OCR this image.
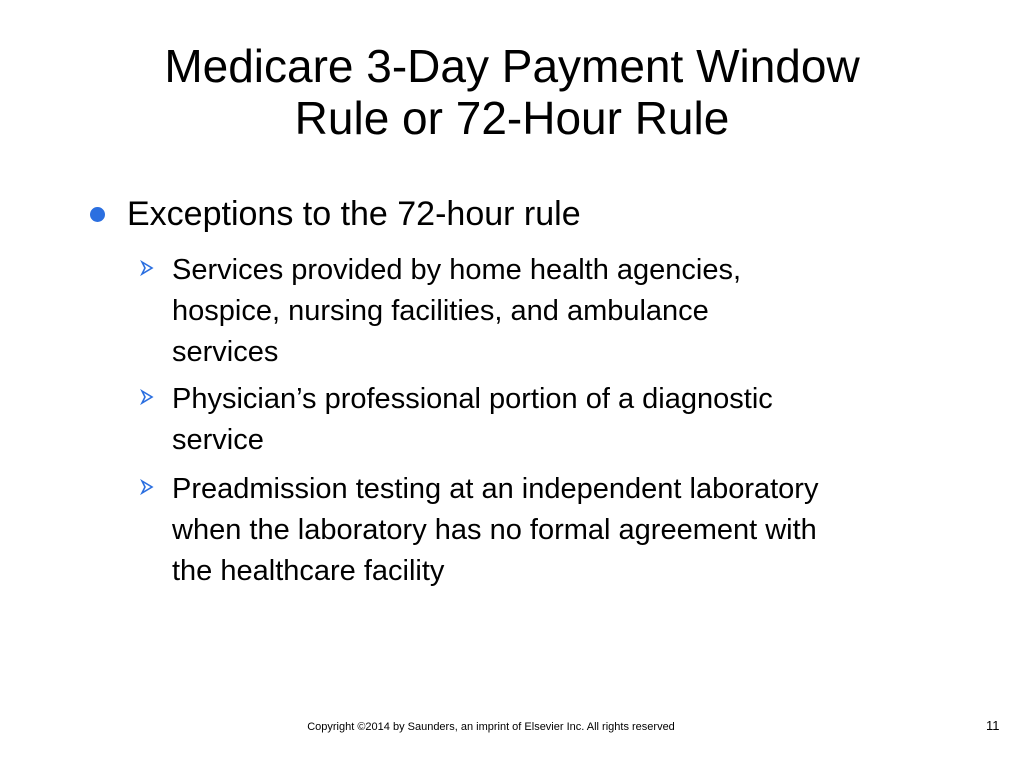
Medicare 3-Day Payment Window
Rule or 72-Hour Rule
Exceptions to the 72-hour rule
Services provided by home health agencies,
hospice, nursing facilities, and ambulance
services
Physician’s professional portion of a diagnostic
service
Preadmission testing at an independent laboratory
when the laboratory has no formal agreement with
the healthcare facility
Copyright ©2014 by Saunders, an imprint of Elsevier Inc. All rights reserved	11
